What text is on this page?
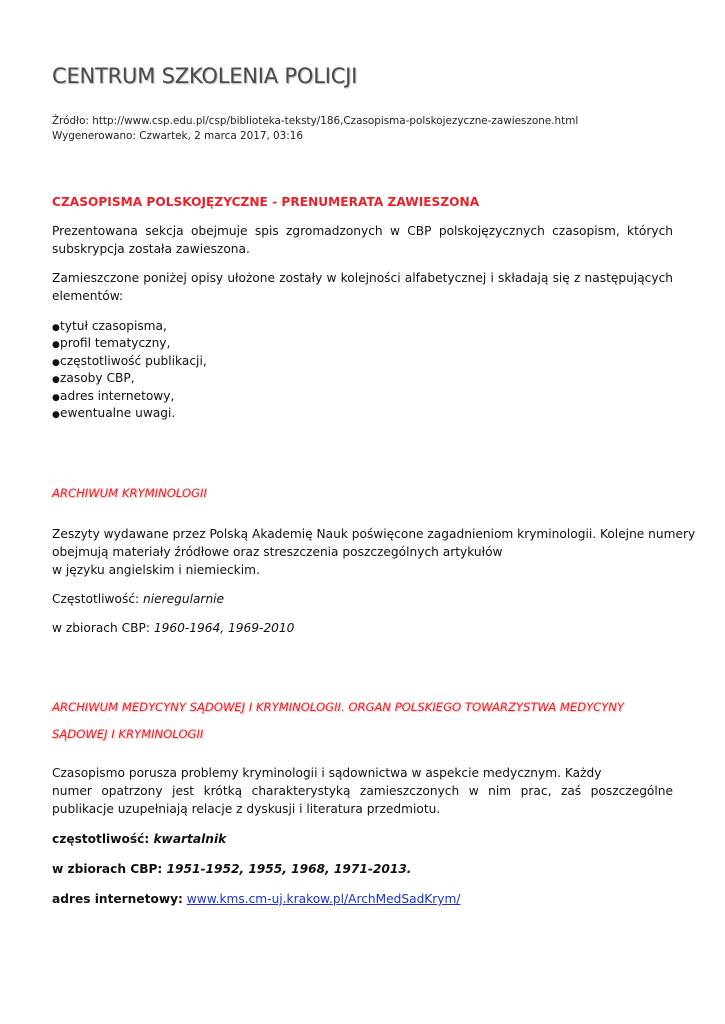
CENTRUM SZKOLENIA POLICJI
Źródło: http://www.csp.edu.pl/csp/biblioteka-teksty/186,Czasopisma-polskojezyczne-zawieszone.html
Wygenerowano: Czwartek, 2 marca 2017, 03:16
CZASOPISMA POLSKOJĘZYCZNE - PRENUMERATA ZAWIESZONA
Prezentowana sekcja obejmuje spis zgromadzonych w CBP polskojęzycznych czasopism, których subskrypcja została zawieszona.
Zamieszczone poniżej opisy ułożone zostały w kolejności alfabetycznej i składają się z następujących elementów:
●tytuł czasopisma,
●profil tematyczny,
●częstotliwość publikacji,
●zasoby CBP,
●adres internetowy,
●ewentualne uwagi.
ARCHIWUM KRYMINOLOGII
Zeszyty wydawane przez Polską Akademię Nauk poświęcone zagadnieniom kryminologii. Kolejne numery
obejmują materiały źródłowe oraz streszczenia poszczególnych artykułów
w języku angielskim i niemieckim.
Częstotliwość: nieregularnie
w zbiorach CBP: 1960-1964, 1969-2010
ARCHIWUM MEDYCYNY SĄDOWEJ I KRYMINOLOGII. ORGAN POLSKIEGO TOWARZYSTWA MEDYCYNY
SĄDOWEJ I KRYMINOLOGII
Czasopismo porusza problemy kryminologii i sądownictwa w aspekcie medycznym. Każdy
numer opatrzony jest krótką charakterystyką zamieszczonych w nim prac, zaś poszczególne publikacje uzupełniają relacje z dyskusji i literatura przedmiotu.
częstotliwość: kwartalnik
w zbiorach CBP: 1951-1952, 1955, 1968, 1971-2013.
adres internetowy: www.kms.cm-uj.krakow.pl/ArchMedSadKrym/
